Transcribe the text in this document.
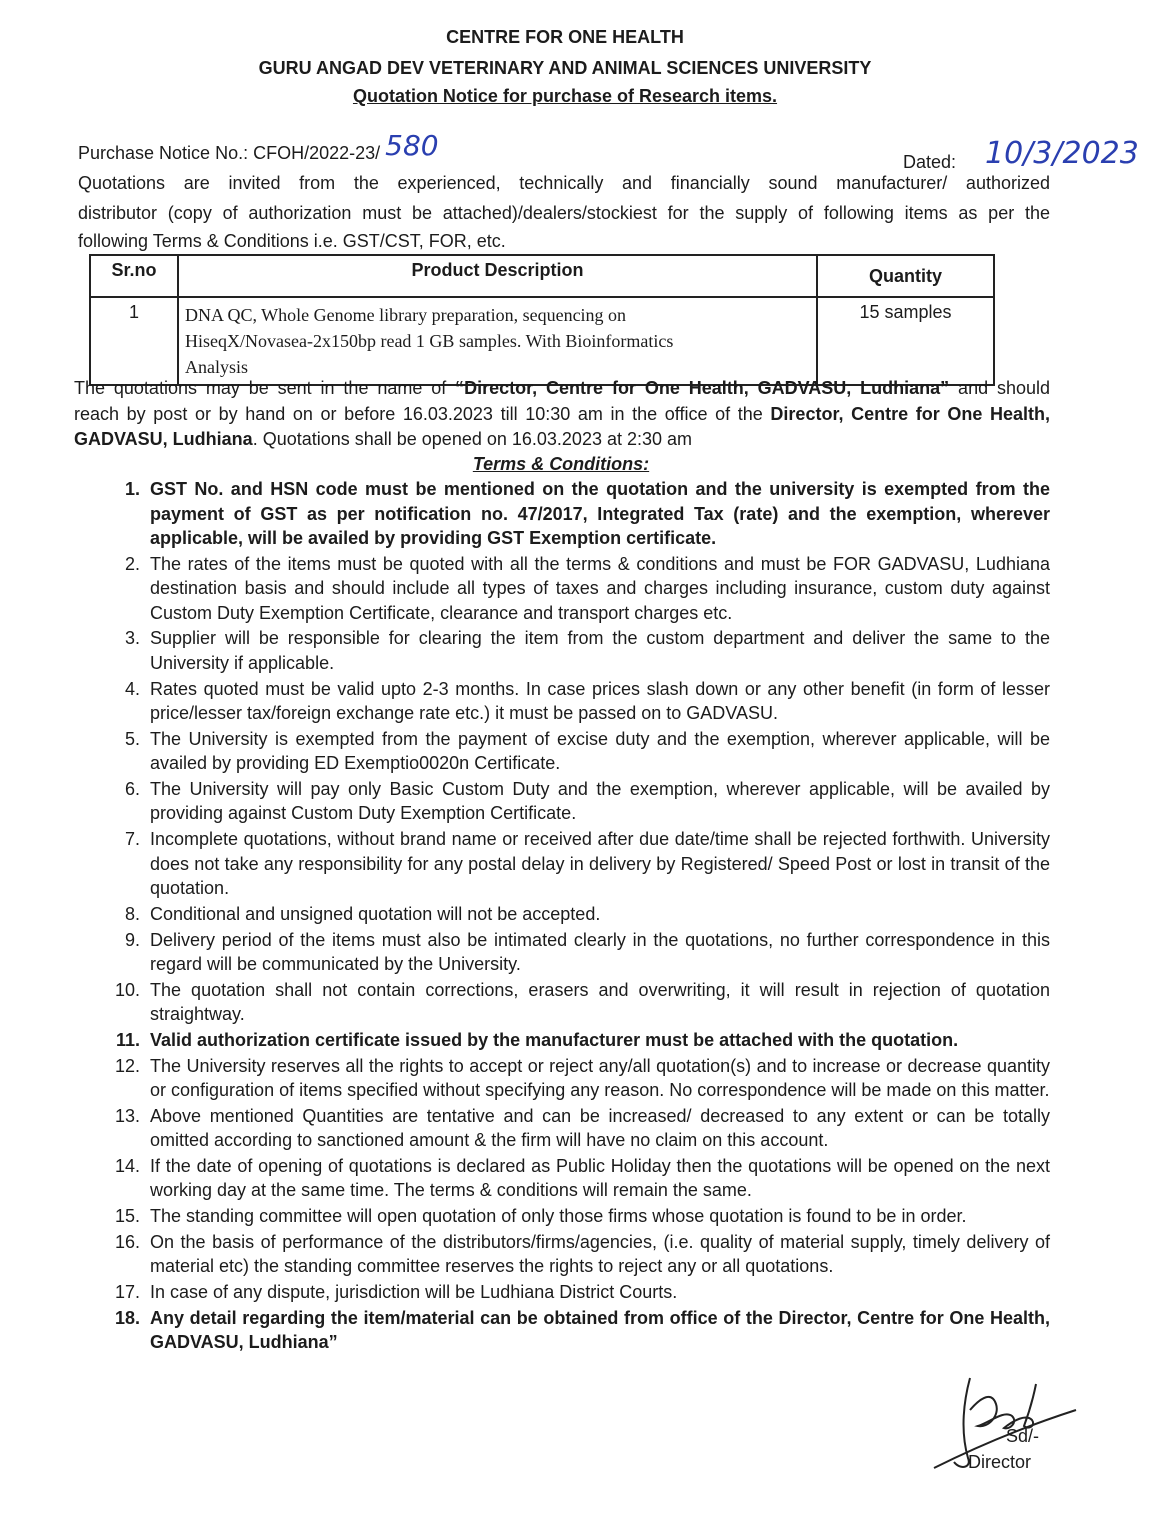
CENTRE FOR ONE HEALTH
GURU ANGAD DEV VETERINARY AND ANIMAL SCIENCES UNIVERSITY
Quotation Notice for purchase of Research items.
Purchase Notice No.: CFOH/2022-23/ 580	Dated: 10/3/2023
Quotations are invited from the experienced, technically and financially sound manufacturer/ authorized
distributor (copy of authorization must be attached)/dealers/stockiest for the supply of following items as per the
following Terms & Conditions i.e. GST/CST, FOR, etc.
Sr.no	Product Description	Quantity
1	DNA QC, Whole Genome library preparation, sequencing on
HiseqX/Novasea-2x150bp read 1 GB samples. With Bioinformatics
Analysis	15 samples
The quotations may be sent in the name of “Director, Centre for One Health, GADVASU, Ludhiana” and should
reach by post or by hand on or before 16.03.2023 till 10:30 am in the office of the Director, Centre for One Health,
GADVASU, Ludhiana. Quotations shall be opened on 16.03.2023 at 2:30 am
Terms & Conditions:
1. GST No. and HSN code must be mentioned on the quotation and the university is exempted from the payment of GST as per notification no. 47/2017, Integrated Tax (rate) and the exemption, wherever applicable, will be availed by providing GST Exemption certificate.
2. The rates of the items must be quoted with all the terms & conditions and must be FOR GADVASU, Ludhiana destination basis and should include all types of taxes and charges including insurance, custom duty against Custom Duty Exemption Certificate, clearance and transport charges etc.
3. Supplier will be responsible for clearing the item from the custom department and deliver the same to the University if applicable.
4. Rates quoted must be valid upto 2-3 months. In case prices slash down or any other benefit (in form of lesser price/lesser tax/foreign exchange rate etc.) it must be passed on to GADVASU.
5. The University is exempted from the payment of excise duty and the exemption, wherever applicable, will be availed by providing ED Exemptio0020n Certificate.
6. The University will pay only Basic Custom Duty and the exemption, wherever applicable, will be availed by providing against Custom Duty Exemption Certificate.
7. Incomplete quotations, without brand name or received after due date/time shall be rejected forthwith. University does not take any responsibility for any postal delay in delivery by Registered/ Speed Post or lost in transit of the quotation.
8. Conditional and unsigned quotation will not be accepted.
9. Delivery period of the items must also be intimated clearly in the quotations, no further correspondence in this regard will be communicated by the University.
10. The quotation shall not contain corrections, erasers and overwriting, it will result in rejection of quotation straightway.
11. Valid authorization certificate issued by the manufacturer must be attached with the quotation.
12. The University reserves all the rights to accept or reject any/all quotation(s) and to increase or decrease quantity or configuration of items specified without specifying any reason. No correspondence will be made on this matter.
13. Above mentioned Quantities are tentative and can be increased/ decreased to any extent or can be totally omitted according to sanctioned amount & the firm will have no claim on this account.
14. If the date of opening of quotations is declared as Public Holiday then the quotations will be opened on the next working day at the same time. The terms & conditions will remain the same.
15. The standing committee will open quotation of only those firms whose quotation is found to be in order.
16. On the basis of performance of the distributors/firms/agencies, (i.e. quality of material supply, timely delivery of material etc) the standing committee reserves the rights to reject any or all quotations.
17. In case of any dispute, jurisdiction will be Ludhiana District Courts.
18. Any detail regarding the item/material can be obtained from office of the Director, Centre for One Health, GADVASU, Ludhiana”
Sd/-
Director
